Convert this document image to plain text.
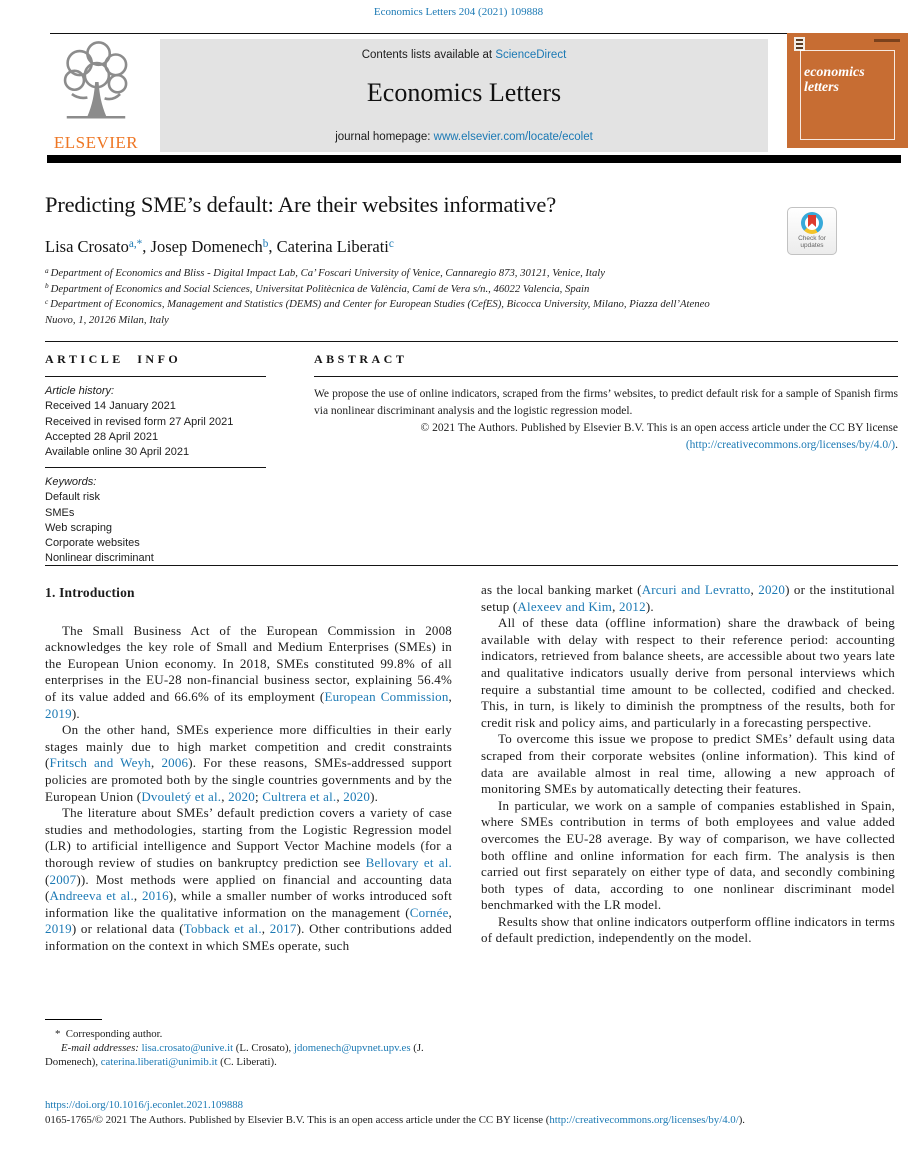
Economics Letters 204 (2021) 109888
ELSEVIER
Contents lists available at ScienceDirect
Economics Letters
journal homepage: www.elsevier.com/locate/ecolet
economics
letters
Predicting SME’s default: Are their websites informative?
Lisa Crosato$^{a,*}$, Josep Domenech$^b$, Caterina Liberati$^c$
$^a$ Department of Economics and Bliss - Digital Impact Lab, Ca’ Foscari University of Venice, Cannaregio 873, 30121, Venice, Italy
$^b$ Department of Economics and Social Sciences, Universitat Politècnica de València, Camí de Vera s/n., 46022 Valencia, Spain
$^c$ Department of Economics, Management and Statistics (DEMS) and Center for European Studies (CefES), Bicocca University, Milano, Piazza dell’Ateneo Nuovo, 1, 20126 Milan, Italy
Check for
updates
ARTICLE INFO
Article history:
Received 14 January 2021
Received in revised form 27 April 2021
Accepted 28 April 2021
Available online 30 April 2021
Keywords:
Default risk
SMEs
Web scraping
Corporate websites
Nonlinear discriminant
ABSTRACT

We propose the use of online indicators, scraped from the firms’ websites, to predict default risk for a sample of Spanish firms via nonlinear discriminant analysis and the logistic regression model.

© 2021 The Authors. Published by Elsevier B.V. This is an open access article under the CC BY license (http://creativecommons.org/licenses/by/4.0/).
1. Introduction

The Small Business Act of the European Commission in 2008 acknowledges the key role of Small and Medium Enterprises (SMEs) in the European Union economy. In 2018, SMEs constituted 99.8% of all enterprises in the EU-28 non-financial business sector, explaining 56.4% of its value added and 66.6% of its employment (European Commission, 2019).

On the other hand, SMEs experience more difficulties in their early stages mainly due to high market competition and credit constraints (Fritsch and Weyh, 2006). For these reasons, SMEs-addressed support policies are promoted both by the single countries governments and by the European Union (Dvouletý et al., 2020; Cultrera et al., 2020).

The literature about SMEs’ default prediction covers a variety of case studies and methodologies, starting from the Logistic Regression model (LR) to artificial intelligence and Support Vector Machine models (for a thorough review of studies on bankruptcy prediction see Bellovary et al. (2007)). Most methods were applied on financial and accounting data (Andreeva et al., 2016), while a smaller number of works introduced soft information like the qualitative information on the management (Cornée, 2019) or relational data (Tobback et al., 2017). Other contributions added information on the context in which SMEs operate, such

as the local banking market (Arcuri and Levratto, 2020) or the institutional setup (Alexeev and Kim, 2012).

All of these data (offline information) share the drawback of being available with delay with respect to their reference period: accounting indicators, retrieved from balance sheets, are accessible about two years late and qualitative indicators usually derive from personal interviews which require a substantial time amount to be collected, codified and checked. This, in turn, is likely to diminish the promptness of the results, both for credit risk and policy aims, and particularly in a forecasting perspective.

To overcome this issue we propose to predict SMEs’ default using data scraped from their corporate websites (online information). This kind of data are available almost in real time, allowing a new approach of monitoring SMEs by automatically detecting their features.

In particular, we work on a sample of companies established in Spain, where SMEs contribution in terms of both employees and value added overcomes the EU-28 average. By way of comparison, we have collected both offline and online information for each firm. The analysis is then carried out first separately on either type of data, and secondly combining both types of data, according to one nonlinear discriminant model benchmarked with the LR model.

Results show that online indicators outperform offline indicators in terms of default prediction, independently on the model.

*  Corresponding author.
E-mail addresses: lisa.crosato@unive.it (L. Crosato), jdomenech@upvnet.upv.es (J. Domenech), caterina.liberati@unimib.it (C. Liberati).
https://doi.org/10.1016/j.econlet.2021.109888
0165-1765/© 2021 The Authors. Published by Elsevier B.V. This is an open access article under the CC BY license (http://creativecommons.org/licenses/by/4.0/).
